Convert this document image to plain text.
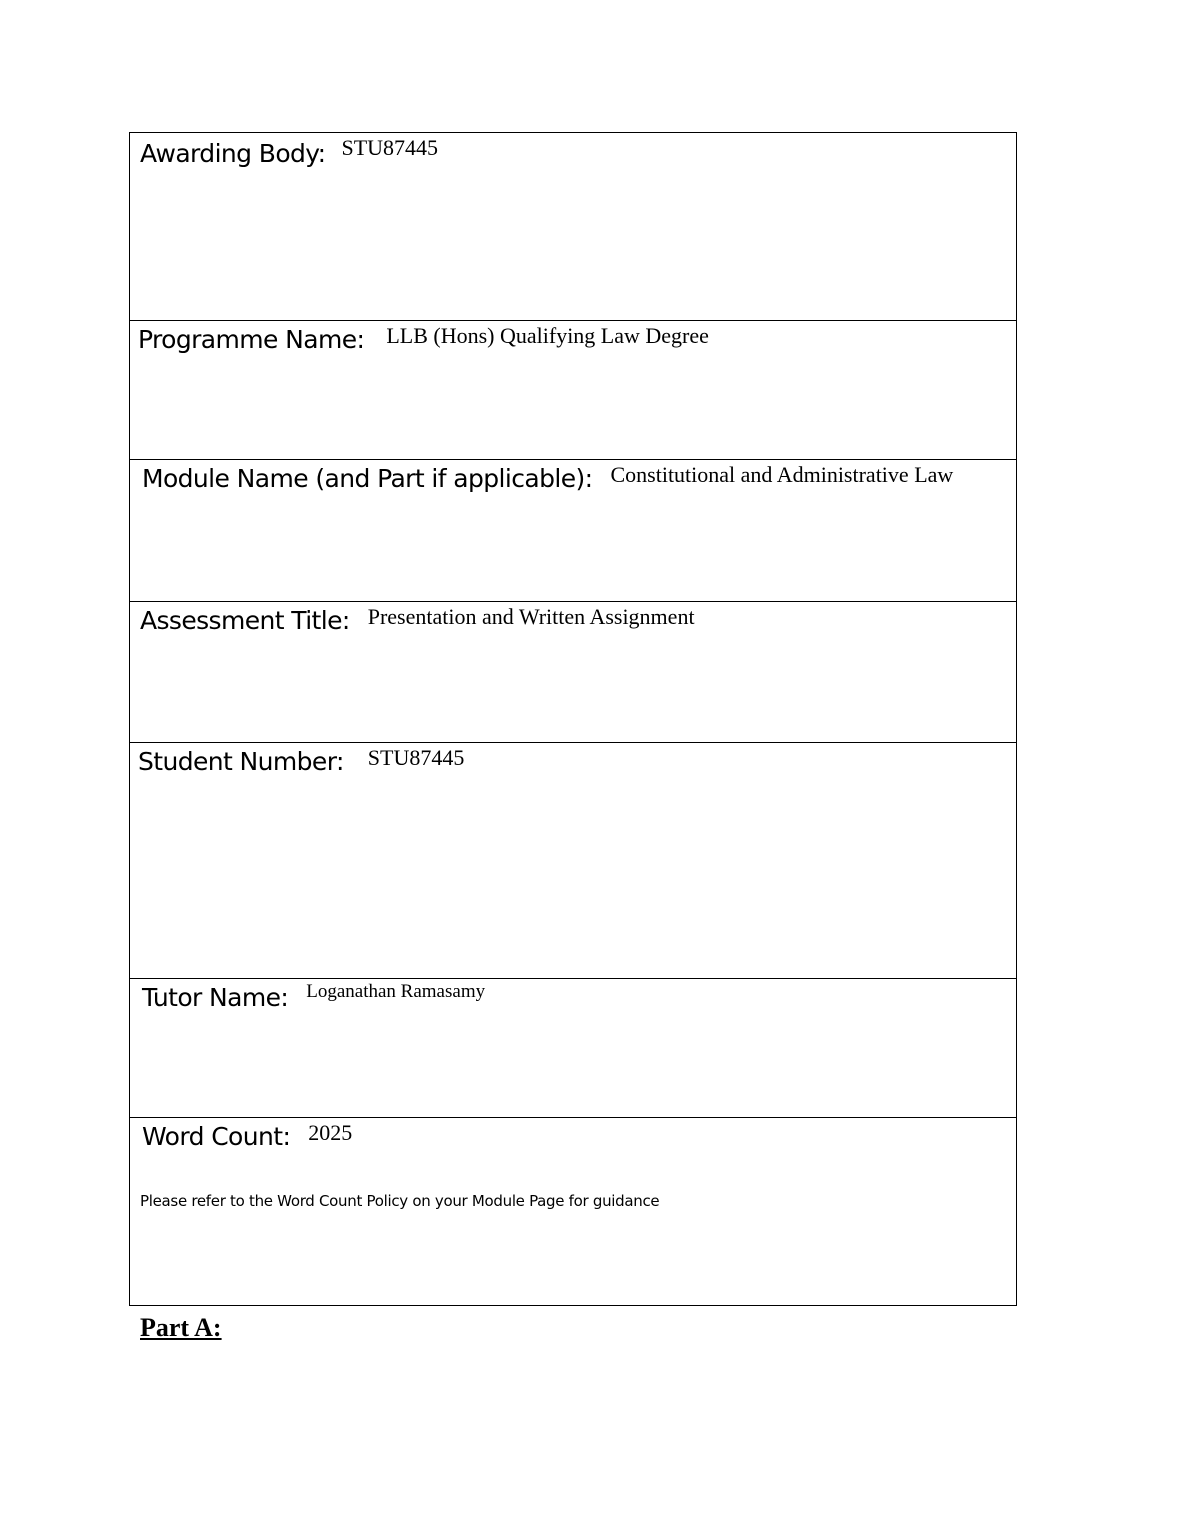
Awarding Body: STU87445

Programme Name: LLB (Hons) Qualifying Law Degree

Module Name (and Part if applicable): Constitutional and Administrative Law

Assessment Title: Presentation and Written Assignment

Student Number: STU87445

Tutor Name: Loganathan Ramasamy

Word Count: 2025
Please refer to the Word Count Policy on your Module Page for guidance
Part A:
